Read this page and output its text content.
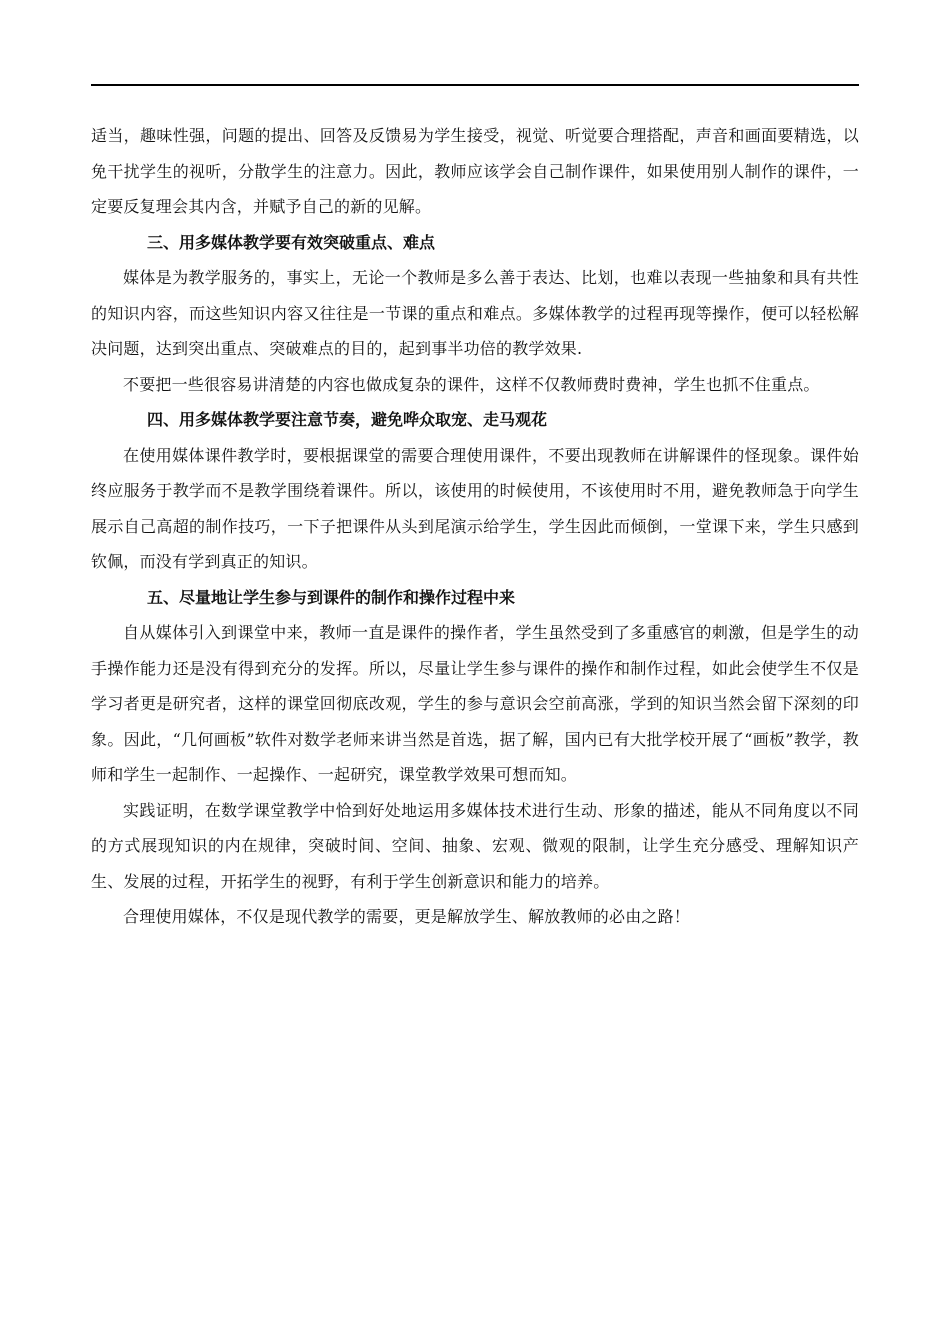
适当，趣味性强，问题的提出、回答及反馈易为学生接受，视觉、听觉要合理搭配，声音和画面要精选，以免干扰学生的视听，分散学生的注意力。因此，教师应该学会自己制作课件，如果使用别人制作的课件，一定要反复理会其内含，并赋予自己的新的见解。

三、用多媒体教学要有效突破重点、难点

媒体是为教学服务的，事实上，无论一个教师是多么善于表达、比划，也难以表现一些抽象和具有共性的知识内容，而这些知识内容又往往是一节课的重点和难点。多媒体教学的过程再现等操作，便可以轻松解决问题，达到突出重点、突破难点的目的，起到事半功倍的教学效果.

不要把一些很容易讲清楚的内容也做成复杂的课件，这样不仅教师费时费神，学生也抓不住重点。

四、用多媒体教学要注意节奏，避免哗众取宠、走马观花

在使用媒体课件教学时，要根据课堂的需要合理使用课件，不要出现教师在讲解课件的怪现象。课件始终应服务于教学而不是教学围绕着课件。所以，该使用的时候使用，不该使用时不用，避免教师急于向学生展示自己高超的制作技巧，一下子把课件从头到尾演示给学生，学生因此而倾倒，一堂课下来，学生只感到钦佩，而没有学到真正的知识。

五、尽量地让学生参与到课件的制作和操作过程中来

自从媒体引入到课堂中来，教师一直是课件的操作者，学生虽然受到了多重感官的刺激，但是学生的动手操作能力还是没有得到充分的发挥。所以，尽量让学生参与课件的操作和制作过程，如此会使学生不仅是学习者更是研究者，这样的课堂回彻底改观，学生的参与意识会空前高涨，学到的知识当然会留下深刻的印象。因此，“几何画板”软件对数学老师来讲当然是首选，据了解，国内已有大批学校开展了“画板”教学，教师和学生一起制作、一起操作、一起研究，课堂教学效果可想而知。

实践证明，在数学课堂教学中恰到好处地运用多媒体技术进行生动、形象的描述，能从不同角度以不同的方式展现知识的内在规律，突破时间、空间、抽象、宏观、微观的限制，让学生充分感受、理解知识产生、发展的过程，开拓学生的视野，有利于学生创新意识和能力的培养。

合理使用媒体，不仅是现代教学的需要，更是解放学生、解放教师的必由之路！
